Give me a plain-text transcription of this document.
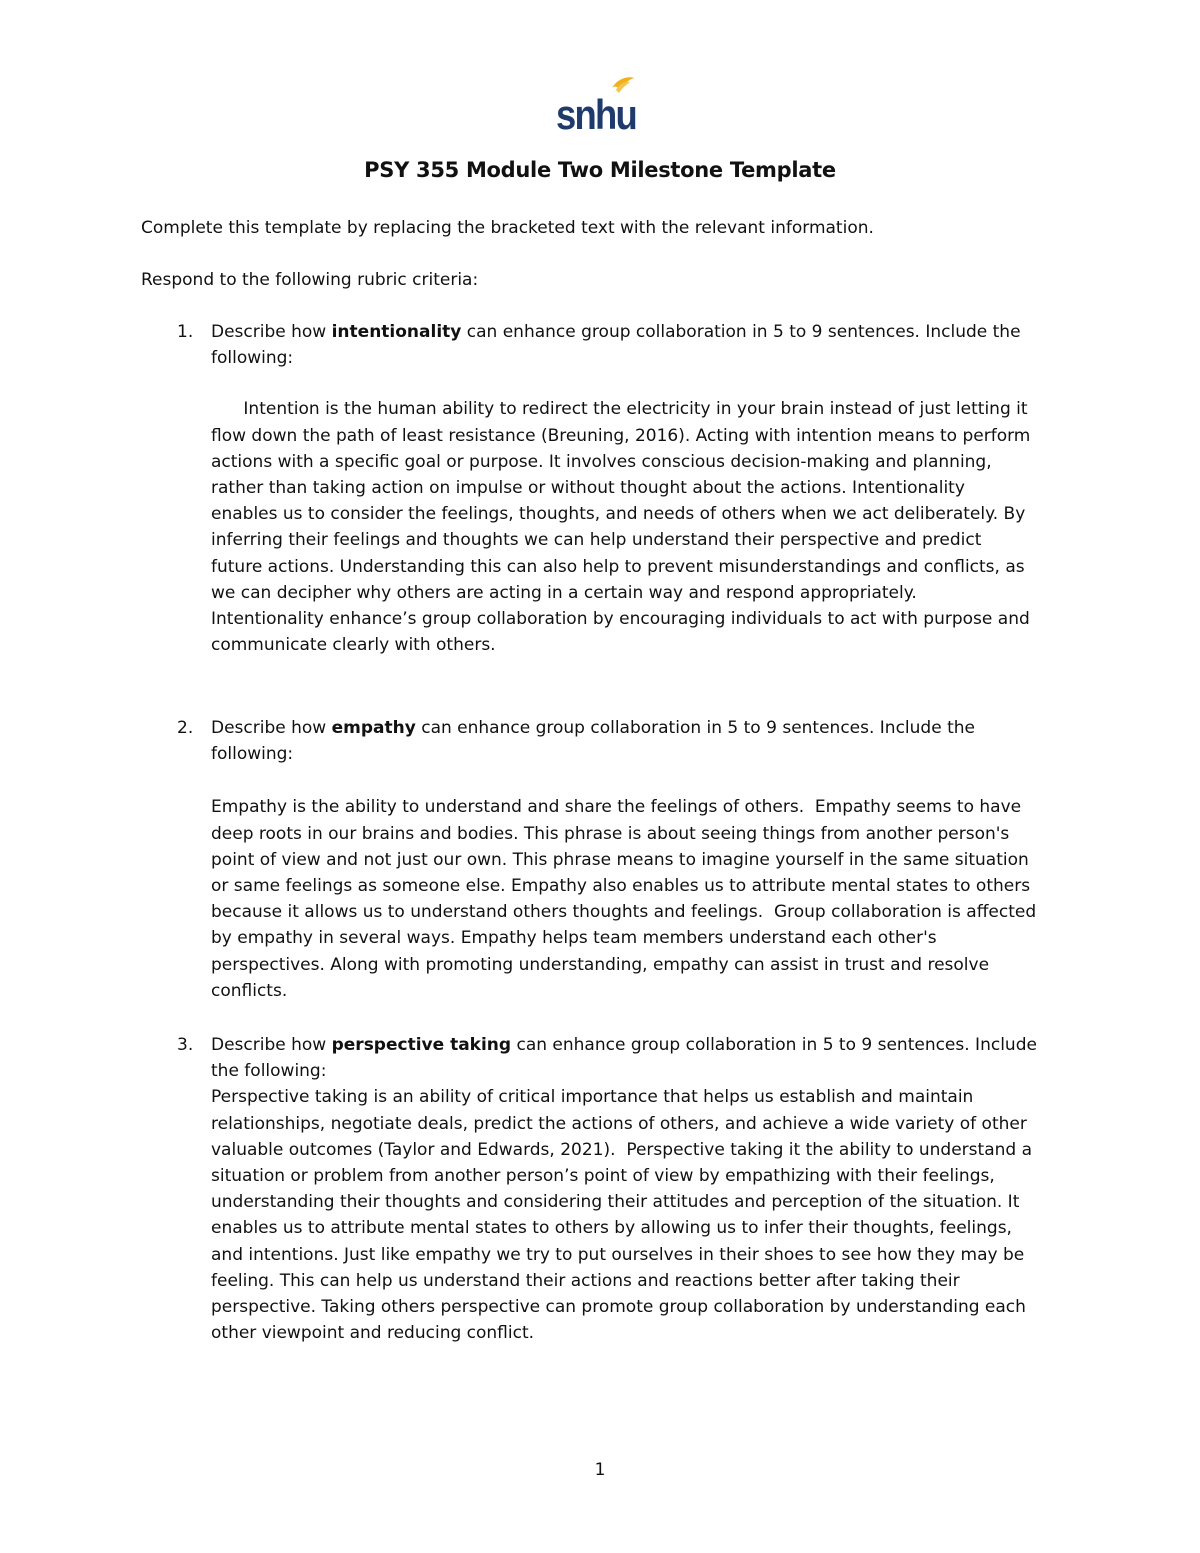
snhu
PSY 355 Module Two Milestone Template

Complete this template by replacing the bracketed text with the relevant information.

Respond to the following rubric criteria:

1. Describe how intentionality can enhance group collaboration in 5 to 9 sentences. Include the
following:

Intention is the human ability to redirect the electricity in your brain instead of just letting it
flow down the path of least resistance (Breuning, 2016). Acting with intention means to perform
actions with a specific goal or purpose. It involves conscious decision-making and planning,
rather than taking action on impulse or without thought about the actions. Intentionality
enables us to consider the feelings, thoughts, and needs of others when we act deliberately. By
inferring their feelings and thoughts we can help understand their perspective and predict
future actions. Understanding this can also help to prevent misunderstandings and conflicts, as
we can decipher why others are acting in a certain way and respond appropriately.
Intentionality enhance’s group collaboration by encouraging individuals to act with purpose and
communicate clearly with others.
2. Describe how empathy can enhance group collaboration in 5 to 9 sentences. Include the
following:

Empathy is the ability to understand and share the feelings of others.  Empathy seems to have
deep roots in our brains and bodies. This phrase is about seeing things from another person's
point of view and not just our own. This phrase means to imagine yourself in the same situation
or same feelings as someone else. Empathy also enables us to attribute mental states to others
because it allows us to understand others thoughts and feelings.  Group collaboration is affected
by empathy in several ways. Empathy helps team members understand each other's
perspectives. Along with promoting understanding, empathy can assist in trust and resolve
conflicts.
3. Describe how perspective taking can enhance group collaboration in 5 to 9 sentences. Include
the following:

Perspective taking is an ability of critical importance that helps us establish and maintain
relationships, negotiate deals, predict the actions of others, and achieve a wide variety of other
valuable outcomes (Taylor and Edwards, 2021).  Perspective taking it the ability to understand a
situation or problem from another person’s point of view by empathizing with their feelings,
understanding their thoughts and considering their attitudes and perception of the situation. It
enables us to attribute mental states to others by allowing us to infer their thoughts, feelings,
and intentions. Just like empathy we try to put ourselves in their shoes to see how they may be
feeling. This can help us understand their actions and reactions better after taking their
perspective. Taking others perspective can promote group collaboration by understanding each
other viewpoint and reducing conflict.
1
